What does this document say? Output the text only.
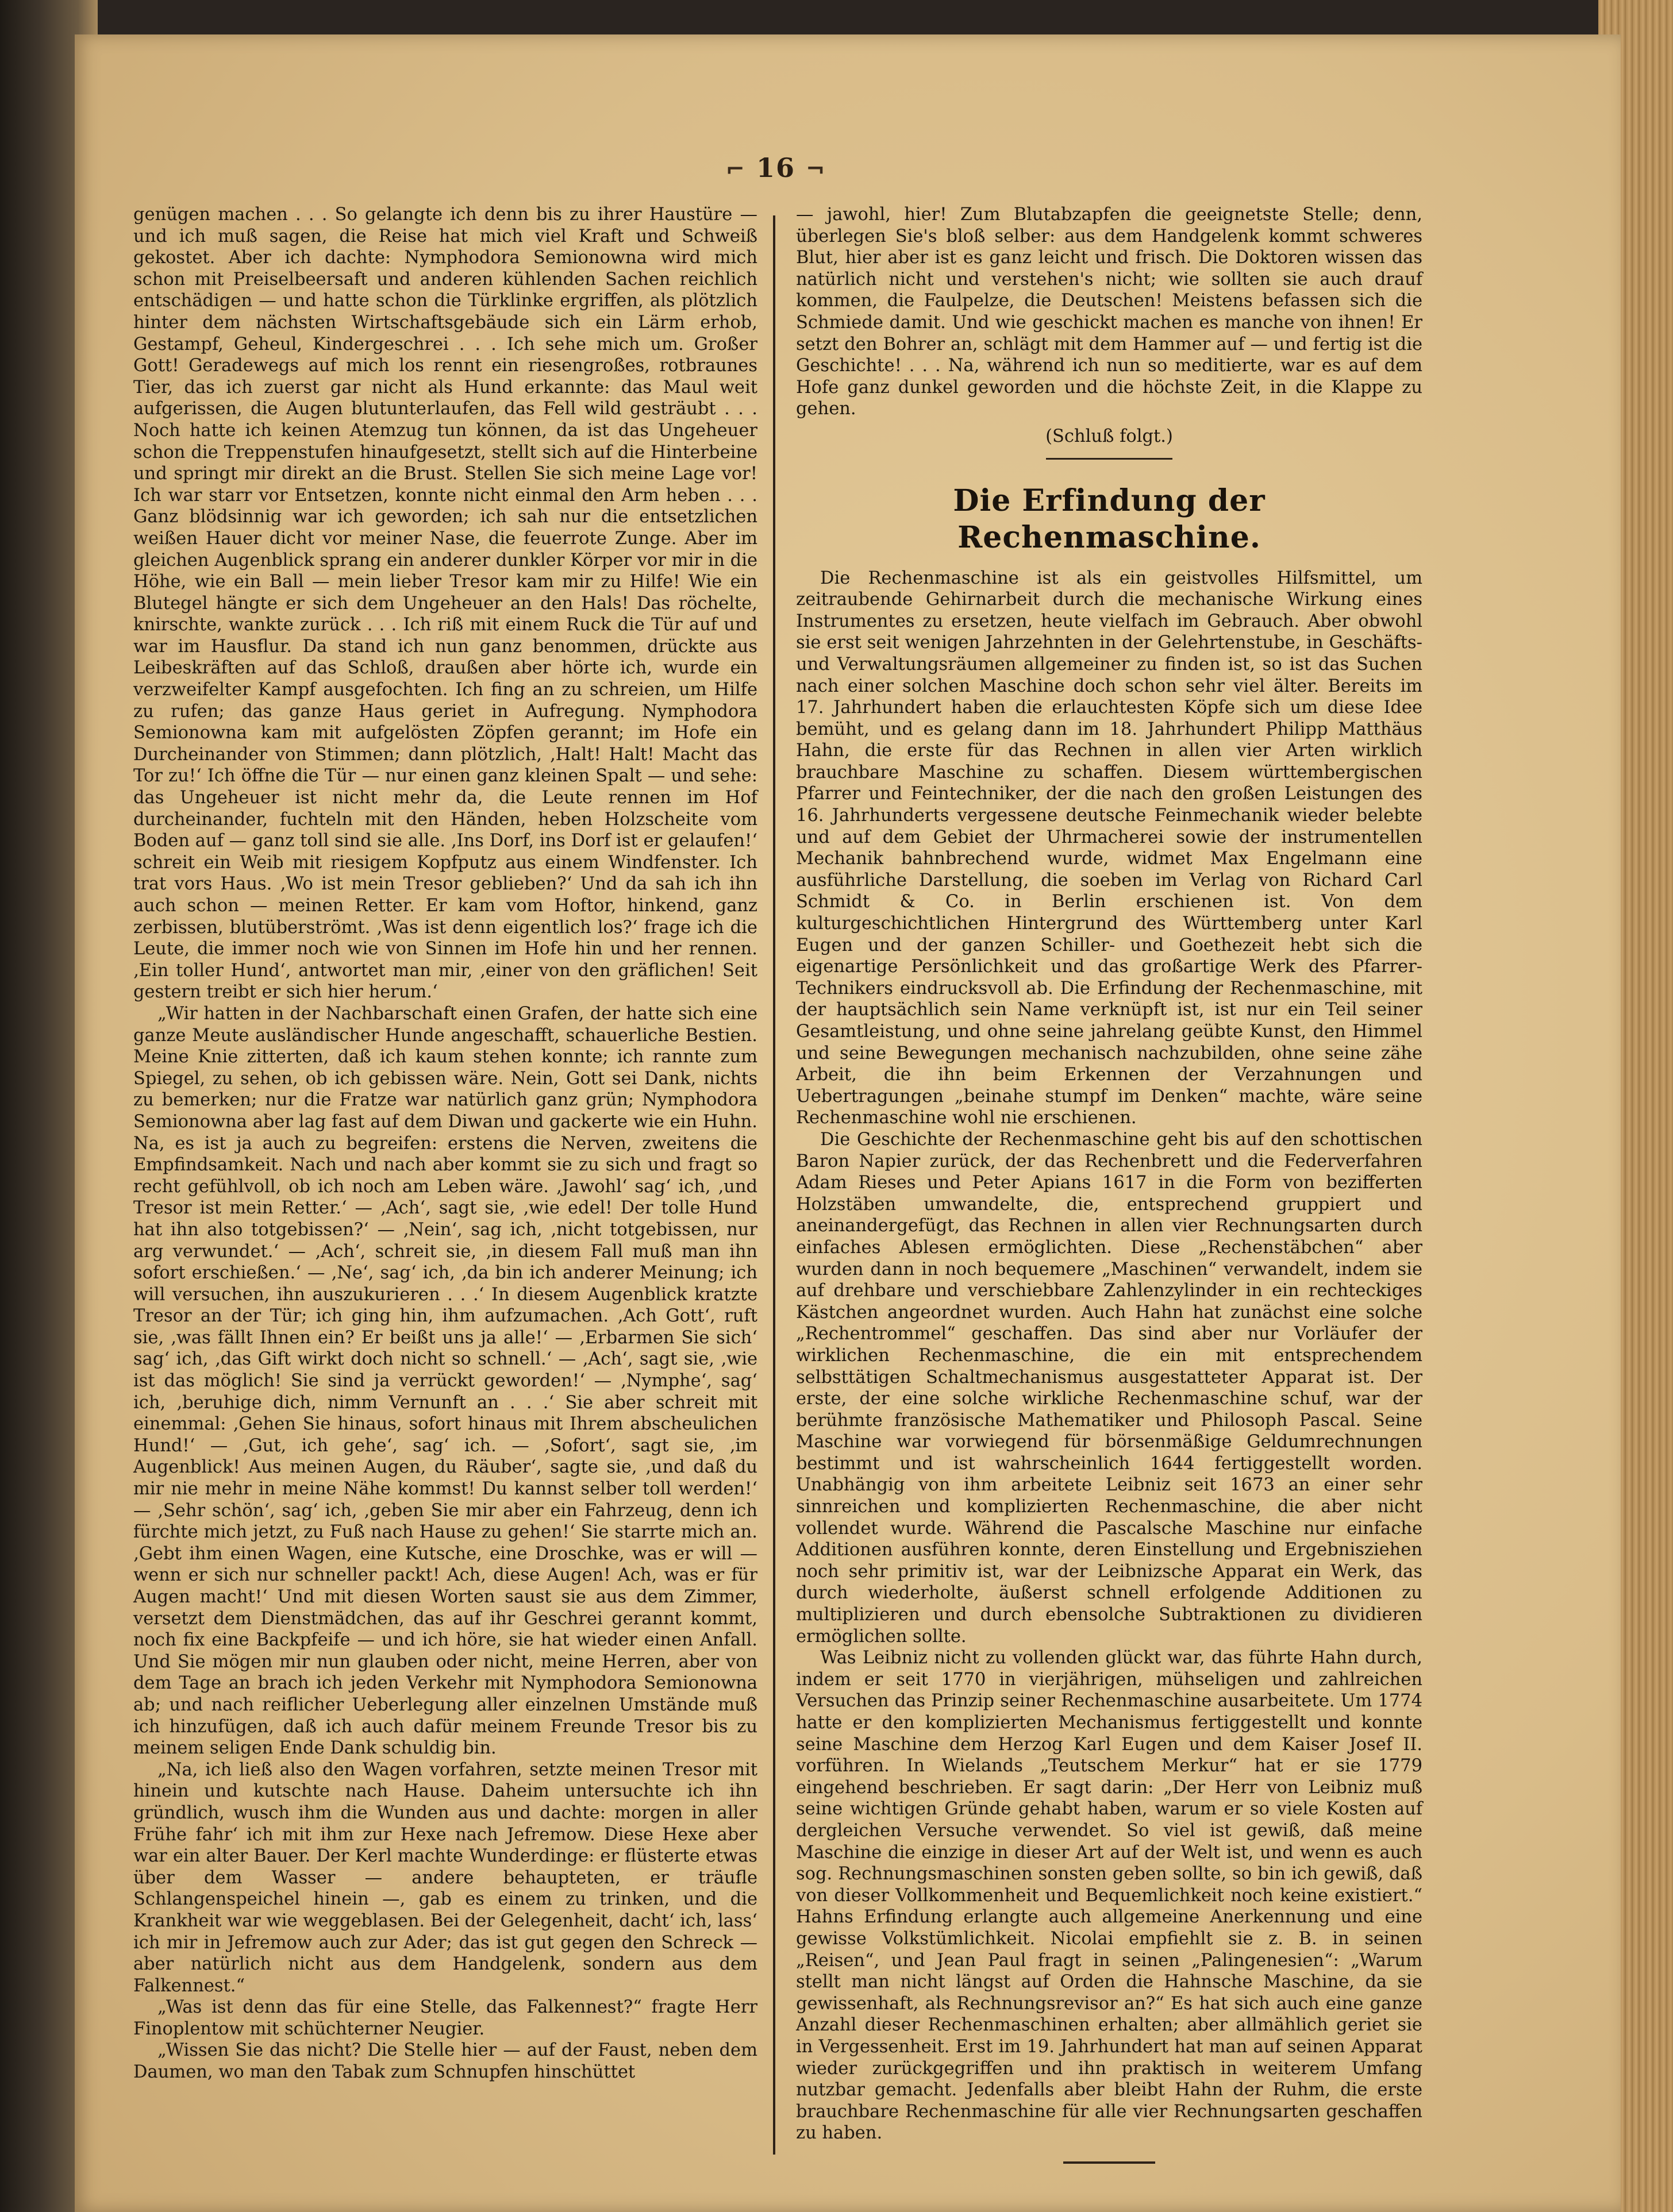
⌐ 16 ¬

genügen machen . . . So gelangte ich denn bis zu ihrer Haustüre — und ich muß sagen, die Reise hat mich viel Kraft und Schweiß gekostet. Aber ich dachte: Nymphodora Semionowna wird mich schon mit Preiselbeersaft und anderen kühlenden Sachen reichlich entschädigen — und hatte schon die Türklinke ergriffen, als plötzlich hinter dem nächsten Wirtschaftsgebäude sich ein Lärm erhob, Gestampf, Geheul, Kindergeschrei . . . Ich sehe mich um. Großer Gott! Geradewegs auf mich los rennt ein riesengroßes, rotbraunes Tier, das ich zuerst gar nicht als Hund erkannte: das Maul weit aufgerissen, die Augen blutunterlaufen, das Fell wild gesträubt . . . Noch hatte ich keinen Atemzug tun können, da ist das Ungeheuer schon die Treppenstufen hinaufgesetzt, stellt sich auf die Hinterbeine und springt mir direkt an die Brust. Stellen Sie sich meine Lage vor! Ich war starr vor Entsetzen, konnte nicht einmal den Arm heben . . . Ganz blödsinnig war ich geworden; ich sah nur die entsetzlichen weißen Hauer dicht vor meiner Nase, die feuerrote Zunge. Aber im gleichen Augenblick sprang ein anderer dunkler Körper vor mir in die Höhe, wie ein Ball — mein lieber Tresor kam mir zu Hilfe! Wie ein Blutegel hängte er sich dem Ungeheuer an den Hals! Das röchelte, knirschte, wankte zurück . . . Ich riß mit einem Ruck die Tür auf und war im Hausflur. Da stand ich nun ganz benommen, drückte aus Leibeskräften auf das Schloß, draußen aber hörte ich, wurde ein verzweifelter Kampf ausgefochten. Ich fing an zu schreien, um Hilfe zu rufen; das ganze Haus geriet in Aufregung. Nymphodora Semionowna kam mit aufgelösten Zöpfen gerannt; im Hofe ein Durcheinander von Stimmen; dann plötzlich, ‚Halt! Halt! Macht das Tor zu!‘ Ich öffne die Tür — nur einen ganz kleinen Spalt — und sehe: das Ungeheuer ist nicht mehr da, die Leute rennen im Hof durcheinander, fuchteln mit den Händen, heben Holzscheite vom Boden auf — ganz toll sind sie alle. ‚Ins Dorf, ins Dorf ist er gelaufen!‘ schreit ein Weib mit riesigem Kopfputz aus einem Windfenster. Ich trat vors Haus. ‚Wo ist mein Tresor geblieben?‘ Und da sah ich ihn auch schon — meinen Retter. Er kam vom Hoftor, hinkend, ganz zerbissen, blutüberströmt. ‚Was ist denn eigentlich los?‘ frage ich die Leute, die immer noch wie von Sinnen im Hofe hin und her rennen. ‚Ein toller Hund‘, antwortet man mir, ‚einer von den gräflichen! Seit gestern treibt er sich hier herum.‘

„Wir hatten in der Nachbarschaft einen Grafen, der hatte sich eine ganze Meute ausländischer Hunde angeschafft, schauerliche Bestien. Meine Knie zitterten, daß ich kaum stehen konnte; ich rannte zum Spiegel, zu sehen, ob ich gebissen wäre. Nein, Gott sei Dank, nichts zu bemerken; nur die Fratze war natürlich ganz grün; Nymphodora Semionowna aber lag fast auf dem Diwan und gackerte wie ein Huhn. Na, es ist ja auch zu begreifen: erstens die Nerven, zweitens die Empfindsamkeit. Nach und nach aber kommt sie zu sich und fragt so recht gefühlvoll, ob ich noch am Leben wäre. ‚Jawohl‘ sag‘ ich, ‚und Tresor ist mein Retter.‘ — ‚Ach‘, sagt sie, ‚wie edel! Der tolle Hund hat ihn also totgebissen?‘ — ‚Nein‘, sag ich, ‚nicht totgebissen, nur arg verwundet.‘ — ‚Ach‘, schreit sie, ‚in diesem Fall muß man ihn sofort erschießen.‘ — ‚Ne‘, sag‘ ich, ‚da bin ich anderer Meinung; ich will versuchen, ihn auszukurieren . . .‘ In diesem Augenblick kratzte Tresor an der Tür; ich ging hin, ihm aufzumachen. ‚Ach Gott‘, ruft sie, ‚was fällt Ihnen ein? Er beißt uns ja alle!‘ — ‚Erbarmen Sie sich‘ sag‘ ich, ‚das Gift wirkt doch nicht so schnell.‘ — ‚Ach‘, sagt sie, ‚wie ist das möglich! Sie sind ja verrückt geworden!‘ — ‚Nymphe‘, sag‘ ich, ‚beruhige dich, nimm Vernunft an . . .‘ Sie aber schreit mit einemmal: ‚Gehen Sie hinaus, sofort hinaus mit Ihrem abscheulichen Hund!‘ — ‚Gut, ich gehe‘, sag‘ ich. — ‚Sofort‘, sagt sie, ‚im Augenblick! Aus meinen Augen, du Räuber‘, sagte sie, ‚und daß du mir nie mehr in meine Nähe kommst! Du kannst selber toll werden!‘ — ‚Sehr schön‘, sag‘ ich, ‚geben Sie mir aber ein Fahrzeug, denn ich fürchte mich jetzt, zu Fuß nach Hause zu gehen!‘ Sie starrte mich an. ‚Gebt ihm einen Wagen, eine Kutsche, eine Droschke, was er will — wenn er sich nur schneller packt! Ach, diese Augen! Ach, was er für Augen macht!‘ Und mit diesen Worten saust sie aus dem Zimmer, versetzt dem Dienstmädchen, das auf ihr Geschrei gerannt kommt, noch fix eine Backpfeife — und ich höre, sie hat wieder einen Anfall. Und Sie mögen mir nun glauben oder nicht, meine Herren, aber von dem Tage an brach ich jeden Verkehr mit Nymphodora Semionowna ab; und nach reiflicher Ueberlegung aller einzelnen Umstände muß ich hinzufügen, daß ich auch dafür meinem Freunde Tresor bis zu meinem seligen Ende Dank schuldig bin.

„Na, ich ließ also den Wagen vorfahren, setzte meinen Tresor mit hinein und kutschte nach Hause. Daheim untersuchte ich ihn gründlich, wusch ihm die Wunden aus und dachte: morgen in aller Frühe fahr‘ ich mit ihm zur Hexe nach Jefremow. Diese Hexe aber war ein alter Bauer. Der Kerl machte Wunderdinge: er flüsterte etwas über dem Wasser — andere behaupteten, er träufle Schlangenspeichel hinein —, gab es einem zu trinken, und die Krankheit war wie weggeblasen. Bei der Gelegenheit, dacht‘ ich, lass‘ ich mir in Jefremow auch zur Ader; das ist gut gegen den Schreck — aber natürlich nicht aus dem Handgelenk, sondern aus dem Falkennest.“

„Was ist denn das für eine Stelle, das Falkennest?“ fragte Herr Finoplentow mit schüchterner Neugier.

„Wissen Sie das nicht? Die Stelle hier — auf der Faust, neben dem Daumen, wo man den Tabak zum Schnupfen hinschüttet

— jawohl, hier! Zum Blutabzapfen die geeignetste Stelle; denn, überlegen Sie's bloß selber: aus dem Handgelenk kommt schweres Blut, hier aber ist es ganz leicht und frisch. Die Doktoren wissen das natürlich nicht und verstehen's nicht; wie sollten sie auch drauf kommen, die Faulpelze, die Deutschen! Meistens befassen sich die Schmiede damit. Und wie geschickt machen es manche von ihnen! Er setzt den Bohrer an, schlägt mit dem Hammer auf — und fertig ist die Geschichte! . . . Na, während ich nun so meditierte, war es auf dem Hofe ganz dunkel geworden und die höchste Zeit, in die Klappe zu gehen.

(Schluß folgt.)

Die Erfindung der Rechenmaschine.

Die Rechenmaschine ist als ein geistvolles Hilfsmittel, um zeitraubende Gehirnarbeit durch die mechanische Wirkung eines Instrumentes zu ersetzen, heute vielfach im Gebrauch. Aber obwohl sie erst seit wenigen Jahrzehnten in der Gelehrtenstube, in Geschäfts- und Verwaltungsräumen allgemeiner zu finden ist, so ist das Suchen nach einer solchen Maschine doch schon sehr viel älter. Bereits im 17. Jahrhundert haben die erlauchtesten Köpfe sich um diese Idee bemüht, und es gelang dann im 18. Jahrhundert Philipp Matthäus Hahn, die erste für das Rechnen in allen vier Arten wirklich brauchbare Maschine zu schaffen. Diesem württembergischen Pfarrer und Feintechniker, der die nach den großen Leistungen des 16. Jahrhunderts vergessene deutsche Feinmechanik wieder belebte und auf dem Gebiet der Uhrmacherei sowie der instrumentellen Mechanik bahnbrechend wurde, widmet Max Engelmann eine ausführliche Darstellung, die soeben im Verlag von Richard Carl Schmidt & Co. in Berlin erschienen ist. Von dem kulturgeschichtlichen Hintergrund des Württemberg unter Karl Eugen und der ganzen Schiller- und Goethezeit hebt sich die eigenartige Persönlichkeit und das großartige Werk des Pfarrer-Technikers eindrucksvoll ab. Die Erfindung der Rechenmaschine, mit der hauptsächlich sein Name verknüpft ist, ist nur ein Teil seiner Gesamtleistung, und ohne seine jahrelang geübte Kunst, den Himmel und seine Bewegungen mechanisch nachzubilden, ohne seine zähe Arbeit, die ihn beim Erkennen der Verzahnungen und Uebertragungen „beinahe stumpf im Denken“ machte, wäre seine Rechenmaschine wohl nie erschienen.

Die Geschichte der Rechenmaschine geht bis auf den schottischen Baron Napier zurück, der das Rechenbrett und die Federverfahren Adam Rieses und Peter Apians 1617 in die Form von bezifferten Holzstäben umwandelte, die, entsprechend gruppiert und aneinandergefügt, das Rechnen in allen vier Rechnungsarten durch einfaches Ablesen ermöglichten. Diese „Rechenstäbchen“ aber wurden dann in noch bequemere „Maschinen“ verwandelt, indem sie auf drehbare und verschiebbare Zahlenzylinder in ein rechteckiges Kästchen angeordnet wurden. Auch Hahn hat zunächst eine solche „Rechentrommel“ geschaffen. Das sind aber nur Vorläufer der wirklichen Rechenmaschine, die ein mit entsprechendem selbsttätigen Schaltmechanismus ausgestatteter Apparat ist. Der erste, der eine solche wirkliche Rechenmaschine schuf, war der berühmte französische Mathematiker und Philosoph Pascal. Seine Maschine war vorwiegend für börsenmäßige Geldumrechnungen bestimmt und ist wahrscheinlich 1644 fertiggestellt worden. Unabhängig von ihm arbeitete Leibniz seit 1673 an einer sehr sinnreichen und komplizierten Rechenmaschine, die aber nicht vollendet wurde. Während die Pascalsche Maschine nur einfache Additionen ausführen konnte, deren Einstellung und Ergebnisziehen noch sehr primitiv ist, war der Leibnizsche Apparat ein Werk, das durch wiederholte, äußerst schnell erfolgende Additionen zu multiplizieren und durch ebensolche Subtraktionen zu dividieren ermöglichen sollte.

Was Leibniz nicht zu vollenden glückt war, das führte Hahn durch, indem er seit 1770 in vierjährigen, mühseligen und zahlreichen Versuchen das Prinzip seiner Rechenmaschine ausarbeitete. Um 1774 hatte er den komplizierten Mechanismus fertiggestellt und konnte seine Maschine dem Herzog Karl Eugen und dem Kaiser Josef II. vorführen. In Wielands „Teutschem Merkur“ hat er sie 1779 eingehend beschrieben. Er sagt darin: „Der Herr von Leibniz muß seine wichtigen Gründe gehabt haben, warum er so viele Kosten auf dergleichen Versuche verwendet. So viel ist gewiß, daß meine Maschine die einzige in dieser Art auf der Welt ist, und wenn es auch sog. Rechnungsmaschinen sonsten geben sollte, so bin ich gewiß, daß von dieser Vollkommenheit und Bequemlichkeit noch keine existiert.“ Hahns Erfindung erlangte auch allgemeine Anerkennung und eine gewisse Volkstümlichkeit. Nicolai empfiehlt sie z. B. in seinen „Reisen“, und Jean Paul fragt in seinen „Palingenesien“: „Warum stellt man nicht längst auf Orden die Hahnsche Maschine, da sie gewissenhaft, als Rechnungsrevisor an?“ Es hat sich auch eine ganze Anzahl dieser Rechenmaschinen erhalten; aber allmählich geriet sie in Vergessenheit. Erst im 19. Jahrhundert hat man auf seinen Apparat wieder zurückgegriffen und ihn praktisch in weiterem Umfang nutzbar gemacht. Jedenfalls aber bleibt Hahn der Ruhm, die erste brauchbare Rechenmaschine für alle vier Rechnungsarten geschaffen zu haben.
